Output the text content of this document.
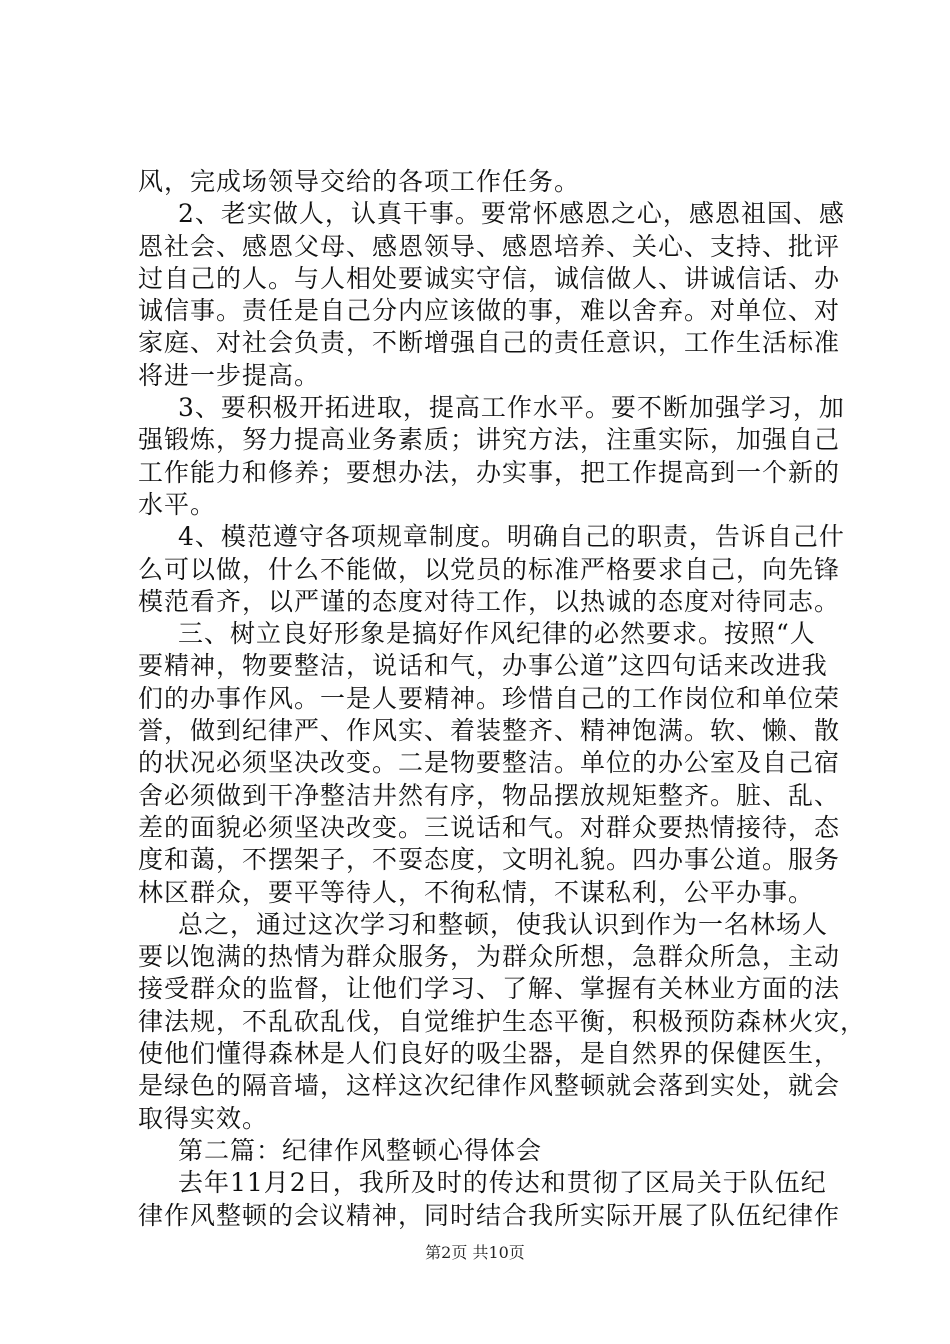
风，完成场领导交给的各项工作任务。
2、老实做人，认真干事。要常怀感恩之心，感恩祖国、感
恩社会、感恩父母、感恩领导、感恩培养、关心、支持、批评
过自己的人。与人相处要诚实守信，诚信做人、讲诚信话、办
诚信事。责任是自己分内应该做的事，难以舍弃。对单位、对
家庭、对社会负责，不断增强自己的责任意识，工作生活标准
将进一步提高。
3、要积极开拓进取，提高工作水平。要不断加强学习，加
强锻炼，努力提高业务素质；讲究方法，注重实际，加强自己
工作能力和修养；要想办法，办实事，把工作提高到一个新的
水平。
4、模范遵守各项规章制度。明确自己的职责，告诉自己什
么可以做，什么不能做，以党员的标准严格要求自己，向先锋
模范看齐，以严谨的态度对待工作，以热诚的态度对待同志。
三、树立良好形象是搞好作风纪律的必然要求。按照“人
要精神，物要整洁，说话和气，办事公道”这四句话来改进我
们的办事作风。一是人要精神。珍惜自己的工作岗位和单位荣
誉，做到纪律严、作风实、着装整齐、精神饱满。软、懒、散
的状况必须坚决改变。二是物要整洁。单位的办公室及自己宿
舍必须做到干净整洁井然有序，物品摆放规矩整齐。脏、乱、
差的面貌必须坚决改变。三说话和气。对群众要热情接待，态
度和蔼，不摆架子，不耍态度，文明礼貌。四办事公道。服务
林区群众，要平等待人，不徇私情，不谋私利，公平办事。
总之，通过这次学习和整顿，使我认识到作为一名林场人
要以饱满的热情为群众服务，为群众所想，急群众所急，主动
接受群众的监督，让他们学习、了解、掌握有关林业方面的法
律法规，不乱砍乱伐，自觉维护生态平衡，积极预防森林火灾，
使他们懂得森林是人们良好的吸尘器，是自然界的保健医生，
是绿色的隔音墙，这样这次纪律作风整顿就会落到实处，就会
取得实效。
第二篇：纪律作风整顿心得体会
去年11月2日，我所及时的传达和贯彻了区局关于队伍纪
律作风整顿的会议精神，同时结合我所实际开展了队伍纪律作
第2页 共10页
